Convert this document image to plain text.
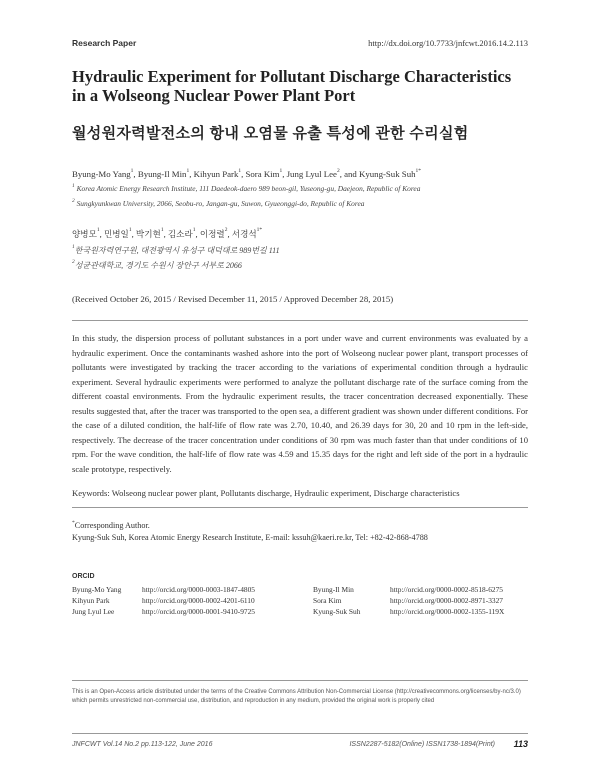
Research Paper	http://dx.doi.org/10.7733/jnfcwt.2016.14.2.113
Hydraulic Experiment for Pollutant Discharge Characteristics
in a Wolseong Nuclear Power Plant Port
월성원자력발전소의 항내 오염물 유출 특성에 관한 수리실험
Byung-Mo Yang$^1$, Byung-Il Min$^1$, Kihyun Park$^1$, Sora Kim$^1$, Jung Lyul Lee$^2$, and Kyung-Suk Suh$^{1*}$
$^1$ Korea Atomic Energy Research Institute, 111 Daedeok-daero 989 beon-gil, Yuseong-gu, Daejeon, Republic of Korea
$^2$ Sungkyunkwan University, 2066, Seobu-ro, Jangan-gu, Suwon, Gyueonggi-do, Republic of Korea
양병모$^1$, 민병일$^1$, 박기현$^1$, 김소라$^1$, 이정렬$^2$, 서경석$^{1*}$
$^1$한국원자력연구원, 대전광역시 유성구 대덕대로 989번길 111
$^2$성균관대학교, 경기도 수원시 장안구 서부로 2066
(Received October 26, 2015 / Revised December 11, 2015 / Approved December 28, 2015)
In this study, the dispersion process of pollutant substances in a port under wave and current environments was evaluated by a hydraulic experiment. Once the contaminants washed ashore into the port of Wolseong nuclear power plant, transport processes of pollutants were investigated by tracking the tracer according to the variations of experimental condition through a hydraulic experiment. Several hydraulic experiments were performed to analyze the pollutant discharge rate of the surface coming from the different coastal environments. From the hydraulic experiment results, the tracer concentration decreased exponentially. These results suggested that, after the tracer was transported to the open sea, a different gradient was shown under different conditions. For the case of a diluted condition, the half-life of flow rate was 2.70, 10.40, and 26.39 days for 30, 20 and 10 rpm in the left-side, respectively. The decrease of the tracer concentration under conditions of 30 rpm was much faster than that under conditions of 10 rpm. For the wave condition, the half-life of flow rate was 4.59 and 15.35 days for the right and left side of the port in a hydraulic scale prototype, respectively.
Keywords: Wolseong nuclear power plant, Pollutants discharge, Hydraulic experiment, Discharge characteristics
*Corresponding Author.
Kyung-Suk Suh, Korea Atomic Energy Research Institute, E-mail: kssuh@kaeri.re.kr, Tel: +82-42-868-4788
ORCID
Byung-Mo Yang	http://orcid.org/0000-0003-1847-4805	Byung-Il Min	http://orcid.org/0000-0002-8518-6275
Kihyun Park	http://orcid.org/0000-0002-4201-6110	Sora Kim	http://orcid.org/0000-0002-8971-3327
Jung Lyul Lee	http://orcid.org/0000-0001-9410-9725	Kyung-Suk Suh	http://orcid.org/0000-0002-1355-119X
This is an Open-Access article distributed under the terms of the Creative Commons Attribution Non-Commercial License (http://creativecommons.org/licenses/by-nc/3.0) which permits unrestricted non-commercial use, distribution, and reproduction in any medium, provided the original work is properly cited
JNFCWT Vol.14 No.2 pp.113-122, June 2016	ISSN2287-5182(Online) ISSN1738-1894(Print) 113
